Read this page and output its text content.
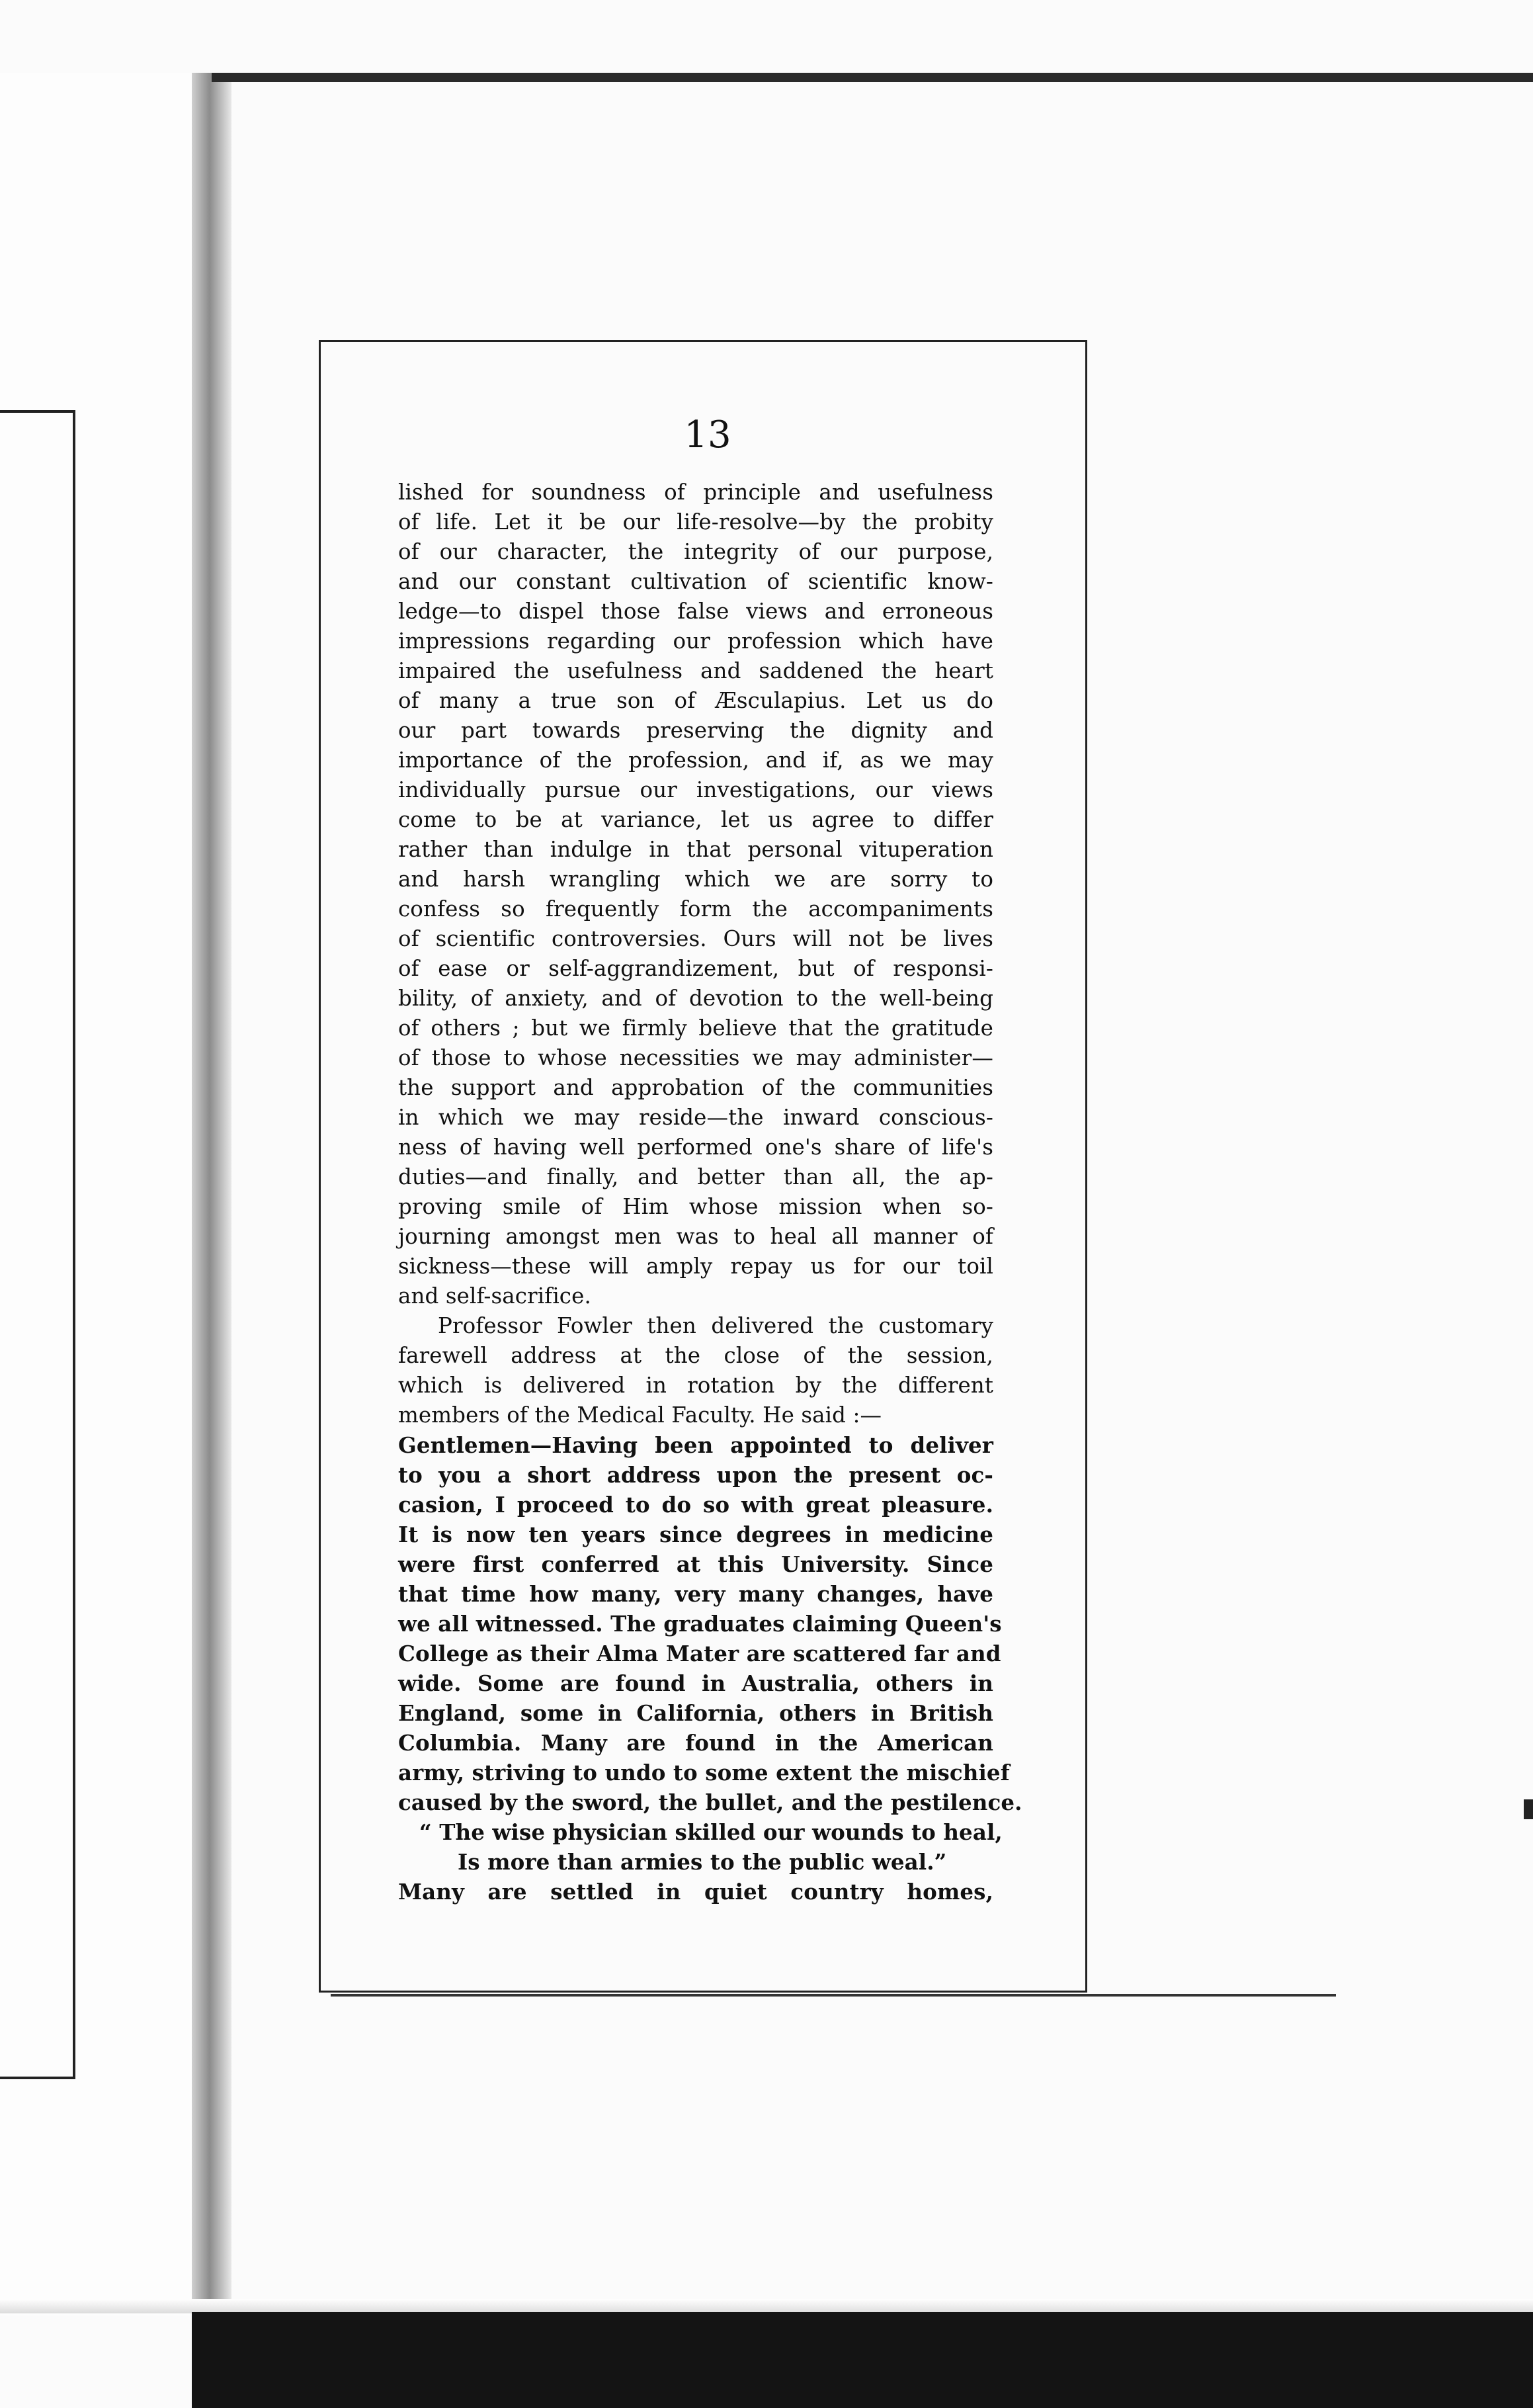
13
lished for soundness of principle and usefulness
of life. Let it be our life-resolve—by the probity
of our character, the integrity of our purpose,
and our constant cultivation of scientific know-
ledge—to dispel those false views and erroneous
impressions regarding our profession which have
impaired the usefulness and saddened the heart
of many a true son of Æsculapius. Let us do
our part towards preserving the dignity and
importance of the profession, and if, as we may
individually pursue our investigations, our views
come to be at variance, let us agree to differ
rather than indulge in that personal vituperation
and harsh wrangling which we are sorry to
confess so frequently form the accompaniments
of scientific controversies. Ours will not be lives
of ease or self-aggrandizement, but of responsi-
bility, of anxiety, and of devotion to the well-being
of others ; but we firmly believe that the gratitude
of those to whose necessities we may administer—
the support and approbation of the communities
in which we may reside—the inward conscious-
ness of having well performed one's share of life's
duties—and finally, and better than all, the ap-
proving smile of Him whose mission when so-
journing amongst men was to heal all manner of
sickness—these will amply repay us for our toil
and self-sacrifice.
Professor Fowler then delivered the customary
farewell address at the close of the session,
which is delivered in rotation by the different
members of the Medical Faculty. He said :—
Gentlemen—Having been appointed to deliver
to you a short address upon the present oc-
casion, I proceed to do so with great pleasure.
It is now ten years since degrees in medicine
were first conferred at this University. Since
that time how many, very many changes, have
we all witnessed. The graduates claiming Queen's
College as their Alma Mater are scattered far and
wide. Some are found in Australia, others in
England, some in California, others in British
Columbia. Many are found in the American
army, striving to undo to some extent the mischief
caused by the sword, the bullet, and the pestilence.
“ The wise physician skilled our wounds to heal,
Is more than armies to the public weal.”
Many are settled in quiet country homes,
